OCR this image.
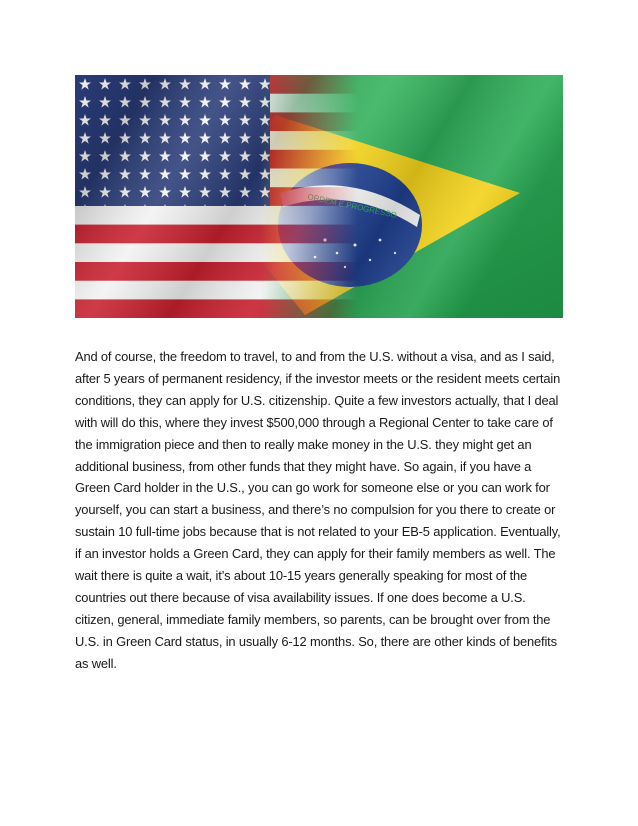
And of course, the freedom to travel, to and from the U.S. without a visa, and as I said, after 5 years of permanent residency, if the investor meets or the resident meets certain conditions, they can apply for U.S. citizenship. Quite a few investors actually, that I deal with will do this, where they invest $500,000 through a Regional Center to take care of the immigration piece and then to really make money in the U.S. they might get an additional business, from other funds that they might have. So again, if you have a Green Card holder in the U.S., you can go work for someone else or you can work for yourself, you can start a business, and there’s no compulsion for you there to create or sustain 10 full-time jobs because that is not related to your EB-5 application. Eventually, if an investor holds a Green Card, they can apply for their family members as well. The wait there is quite a wait, it’s about 10-15 years generally speaking for most of the countries out there because of visa availability issues. If one does become a U.S. citizen, general, immediate family members, so parents, can be brought over from the U.S. in Green Card status, in usually 6-12 months. So, there are other kinds of benefits as well.
